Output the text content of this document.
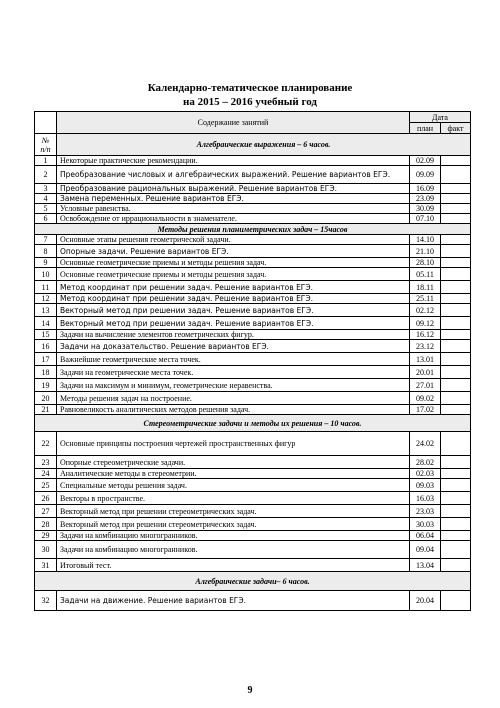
Календарно-тематическое планирование
на 2015 – 2016 учебный год
	Содержание занятий	Дата	
		план	факт
№ п/п	Алгебраические выражения – 6 часов.		
1	Некоторые практические рекомендации.	02.09	
2	Преобразование числовых и алгебраических выражений. Решение вариантов ЕГЭ.	09.09	
3	Преобразование рациональных выражений. Решение вариантов ЕГЭ.	16.09	
4	Замена переменных. Решение вариантов ЕГЭ.	23.09	
5	Условные равенства.	30.09	
6	Освобождение от иррациональности в знаменателе.	07.10	
Методы решения планиметрических задач – 15часов			
7	Основные этапы решения геометрической задачи.	14.10	
8	Опорные задачи. Решение вариантов ЕГЭ.	21.10	
9	Основные геометрические приемы и методы решения задач.	28.10	
10	Основные геометрические приемы и методы решения задач.	05.11	
11	Метод координат при решении задач. Решение вариантов ЕГЭ.	18.11	
12	Метод координат при решении задач. Решение вариантов ЕГЭ.	25.11	
13	Векторный метод при решении задач. Решение вариантов ЕГЭ.	02.12	
14	Векторный метод при решении задач. Решение вариантов ЕГЭ.	09.12	
15	Задачи на вычисление элементов геометрических фигур.	16.12	
16	Задачи на доказательство. Решение вариантов ЕГЭ.	23.12	
17	Важнейшие геометрические места точек.	13.01	
18	Задачи на геометрические места точек.	20.01	
19	Задачи на максимум и минимум, геометрические неравенства.	27.01	
20	Методы решения задач на построение.	09.02	
21	Равновеликость аналитических методов решения задач.	17.02	
Стереометрические задачи и методы их решения – 10 часов.			
22	Основные принципы построения чертежей пространственных фигур	24.02	
23	Опорные стереометрические задачи.	28.02	
24	Аналитические методы в стереометрии.	02.03	
25	Специальные методы решения задач.	09.03	
26	Векторы в пространстве.	16.03	
27	Векторный метод при решении стереометрических задач.	23.03	
28	Векторный метод при решении стереометрических задач.	30.03	
29	Задачи на комбинацию многогранников.	06.04	
30	Задачи на комбинацию многогранников.	09.04	
31	Итоговый тест.	13.04	
Алгебраические задачи– 6 часов.			
32	Задачи на движение. Решение вариантов ЕГЭ.	20.04	
9
